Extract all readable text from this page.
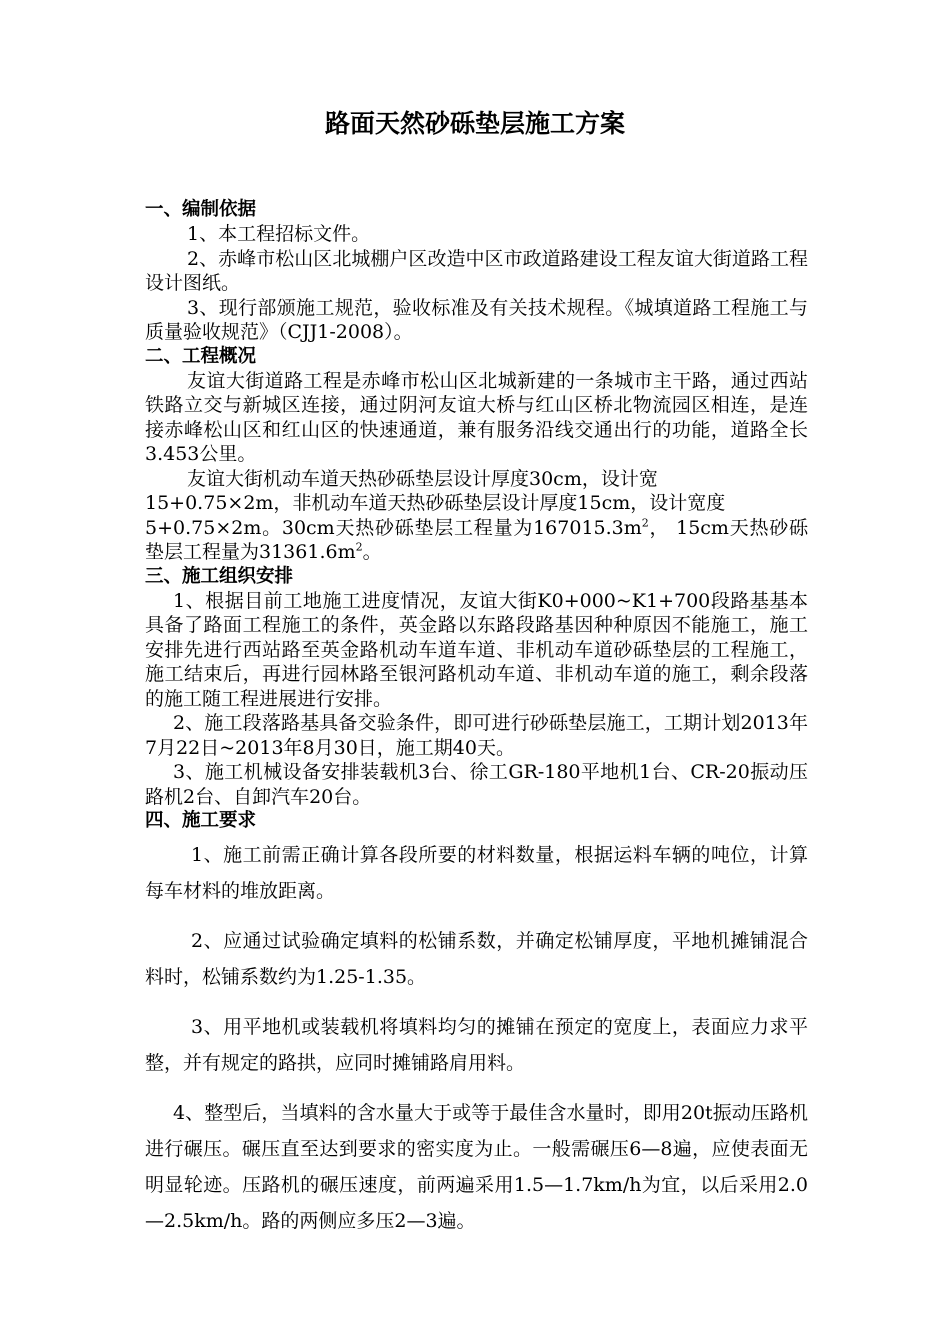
路面天然砂砾垫层施工方案
一、编制依据
1、本工程招标文件。
2、赤峰市松山区北城棚户区改造中区市政道路建设工程友谊大街道路工程设计图纸。
3、现行部颁施工规范，验收标准及有关技术规程。《城填道路工程施工与质量验收规范》（CJJ1-2008）。
二、工程概况
友谊大街道路工程是赤峰市松山区北城新建的一条城市主干路，通过西站铁路立交与新城区连接，通过阴河友谊大桥与红山区桥北物流园区相连，是连接赤峰松山区和红山区的快速通道，兼有服务沿线交通出行的功能，道路全长3.453公里。
友谊大街机动车道天热砂砾垫层设计厚度30cm，设计宽
15+0.75×2m，非机动车道天热砂砾垫层设计厚度15cm，设计宽度
5+0.75×2m。30cm天热砂砾垫层工程量为$167015.3m^2$， 15cm天热砂砾垫层工程量为$31361.6m^2$。
三、施工组织安排
1、根据目前工地施工进度情况，友谊大街K0+000~K1+700段路基基本具备了路面工程施工的条件，英金路以东路段路基因种种原因不能施工，施工安排先进行西站路至英金路机动车道车道、非机动车道砂砾垫层的工程施工，施工结束后，再进行园林路至银河路机动车道、非机动车道的施工，剩余段落的施工随工程进展进行安排。
2、施工段落路基具备交验条件，即可进行砂砾垫层施工，工期计划2013年7月22日~2013年8月30日，施工期40天。
3、施工机械设备安排装载机3台、徐工GR-180平地机1台、CR-20振动压路机2台、自卸汽车20台。
四、施工要求
1、施工前需正确计算各段所要的材料数量，根据运料车辆的吨位，计算每车材料的堆放距离。
2、应通过试验确定填料的松铺系数，并确定松铺厚度，平地机摊铺混合料时，松铺系数约为1.25-1.35。
3、用平地机或装载机将填料均匀的摊铺在预定的宽度上，表面应力求平整，并有规定的路拱，应同时摊铺路肩用料。
4、整型后，当填料的含水量大于或等于最佳含水量时，即用20t振动压路机进行碾压。碾压直至达到要求的密实度为止。一般需碾压6—8遍，应使表面无明显轮迹。压路机的碾压速度，前两遍采用1.5—1.7km/h为宜，以后采用2.0—2.5km/h。路的两侧应多压2—3遍。
